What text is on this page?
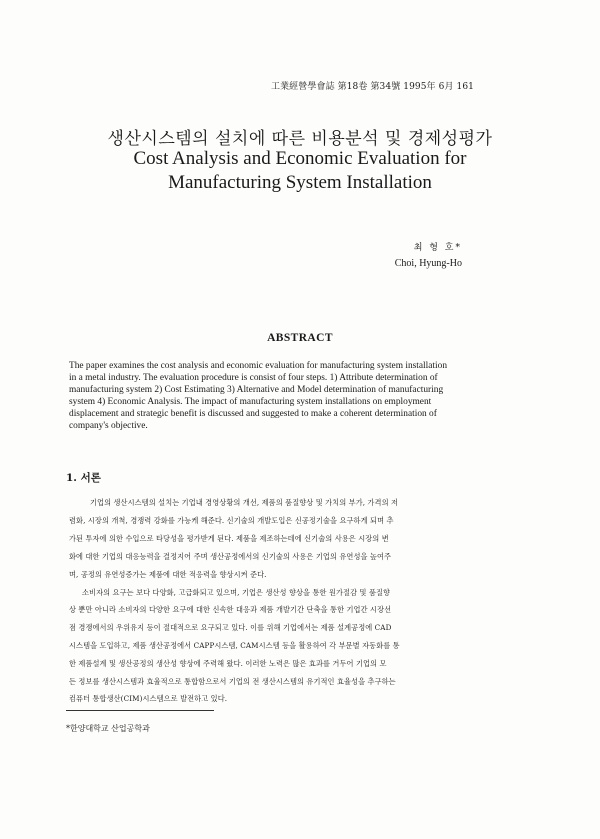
工業經營學會誌 第18卷 第34號 1995年 6月 161
생산시스템의 설치에 따른 비용분석 및 경제성평가
Cost Analysis and Economic Evaluation for
Manufacturing System Installation
최 형 호*
Choi, Hyung-Ho
ABSTRACT
The paper examines the cost analysis and economic evaluation for manufacturing system installation
in a metal industry. The evaluation procedure is consist of four steps. 1) Attribute determination of
manufacturing system 2) Cost Estimating 3) Alternative and Model determination of manufacturing
system 4) Economic Analysis. The impact of manufacturing system installations on employment
displacement and strategic benefit is discussed and suggested to make a coherent determination of
company's objective.
1. 서론
기업의 생산시스템의 설치는 기업내 경영상황의 개선, 제품의 품질향상 및 가치의 부가, 가격의 저
렴화, 시장의 개척, 경쟁력 강화를 가능케 해준다. 신기술의 개발도입은 신공정기술을 요구하게 되며 추
가된 투자에 의한 수입으로 타당성을 평가받게 된다. 제품을 제조하는데에 신기술의 사용은 시장의 변
화에 대한 기업의 대응능력을 결정지어 주며 생산공정에서의 신기술의 사용은 기업의 유연성을 높여주
며, 공정의 유연성증가는 제품에 대한 적응력을 향상시켜 준다.
소비자의 요구는 보다 다양화, 고급화되고 있으며, 기업은 생산성 향상을 통한 원가절감 및 품질향
상 뿐만 아니라 소비자의 다양한 요구에 대한 신속한 대응과 제품 개발기간 단축을 통한 기업간 시장선
점 경쟁에서의 우위유지 등이 절대적으로 요구되고 있다. 이를 위해 기업에서는 제품 설계공정에 CAD
시스템을 도입하고, 제품 생산공정에서 CAPP시스템, CAM시스템 등을 활용하여 각 부문별 자동화를 통
한 제품설계 및 생산공정의 생산성 향상에 주력해 왔다. 이러한 노력은 많은 효과를 거두어 기업의 모
든 정보를 생산시스템과 효율적으로 통합함으로서 기업의 전 생산시스템의 유기적인 효율성을 추구하는
컴퓨터 통합생산(CIM)시스템으로 발전하고 있다.
*한양대학교 산업공학과
